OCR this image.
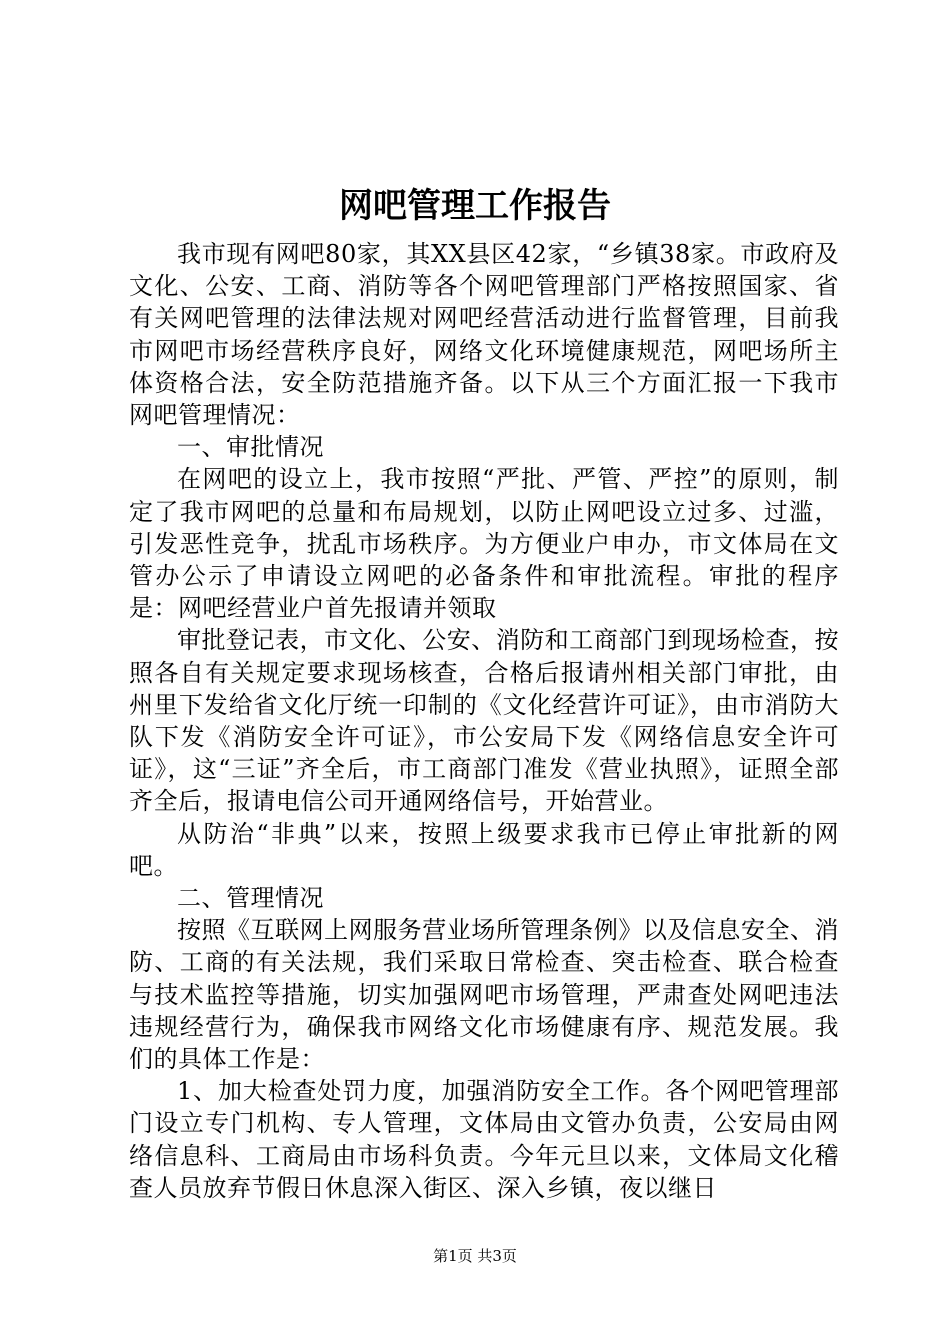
网吧管理工作报告

我市现有网吧80家，其XX县区42家，“乡镇38家。市政府及文化、公安、工商、消防等各个网吧管理部门严格按照国家、省有关网吧管理的法律法规对网吧经营活动进行监督管理，目前我市网吧市场经营秩序良好，网络文化环境健康规范，网吧场所主体资格合法，安全防范措施齐备。以下从三个方面汇报一下我市网吧管理情况：

一、审批情况

在网吧的设立上，我市按照“严批、严管、严控”的原则，制定了我市网吧的总量和布局规划，以防止网吧设立过多、过滥，引发恶性竞争，扰乱市场秩序。为方便业户申办，市文体局在文管办公示了申请设立网吧的必备条件和审批流程。审批的程序是：网吧经营业户首先报请并领取

审批登记表，市文化、公安、消防和工商部门到现场检查，按照各自有关规定要求现场核查，合格后报请州相关部门审批，由州里下发给省文化厅统一印制的《文化经营许可证》，由市消防大队下发《消防安全许可证》，市公安局下发《网络信息安全许可证》，这“三证”齐全后，市工商部门准发《营业执照》，证照全部齐全后，报请电信公司开通网络信号，开始营业。

从防治“非典”以来，按照上级要求我市已停止审批新的网吧。

二、管理情况

按照《互联网上网服务营业场所管理条例》以及信息安全、消防、工商的有关法规，我们采取日常检查、突击检查、联合检查与技术监控等措施，切实加强网吧市场管理，严肃查处网吧违法违规经营行为，确保我市网络文化市场健康有序、规范发展。我们的具体工作是：

1、加大检查处罚力度，加强消防安全工作。各个网吧管理部门设立专门机构、专人管理，文体局由文管办负责，公安局由网络信息科、工商局由市场科负责。今年元旦以来，文体局文化稽查人员放弃节假日休息深入街区、深入乡镇，夜以继日

第1页 共3页
